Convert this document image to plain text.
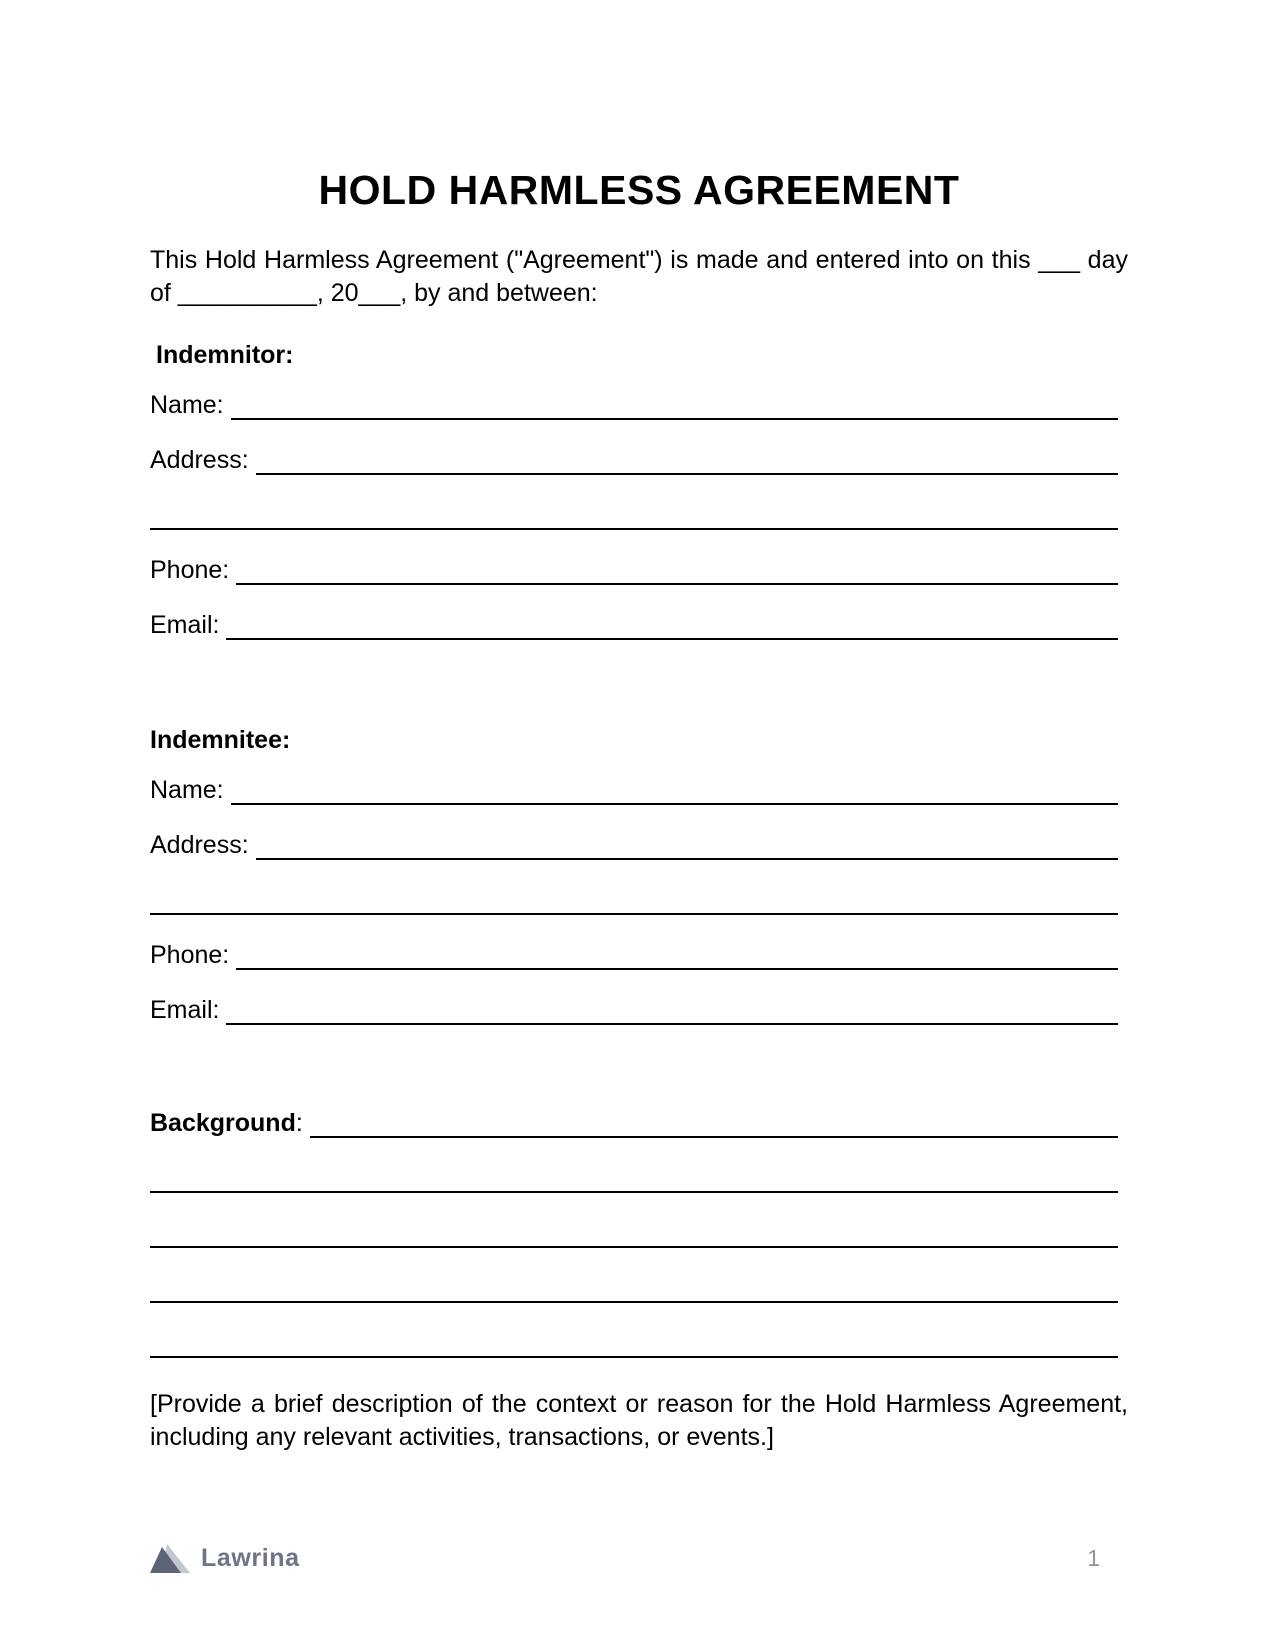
HOLD HARMLESS AGREEMENT

This Hold Harmless Agreement ("Agreement") is made and entered into on this ___ day of __________, 20___, by and between:

Indemnitor:
Name:
Address:
Phone:
Email:
Indemnitee:
Name:
Address:
Phone:
Email:
Background:

[Provide a brief description of the context or reason for the Hold Harmless Agreement, including any relevant activities, transactions, or events.]

Lawrina	1
